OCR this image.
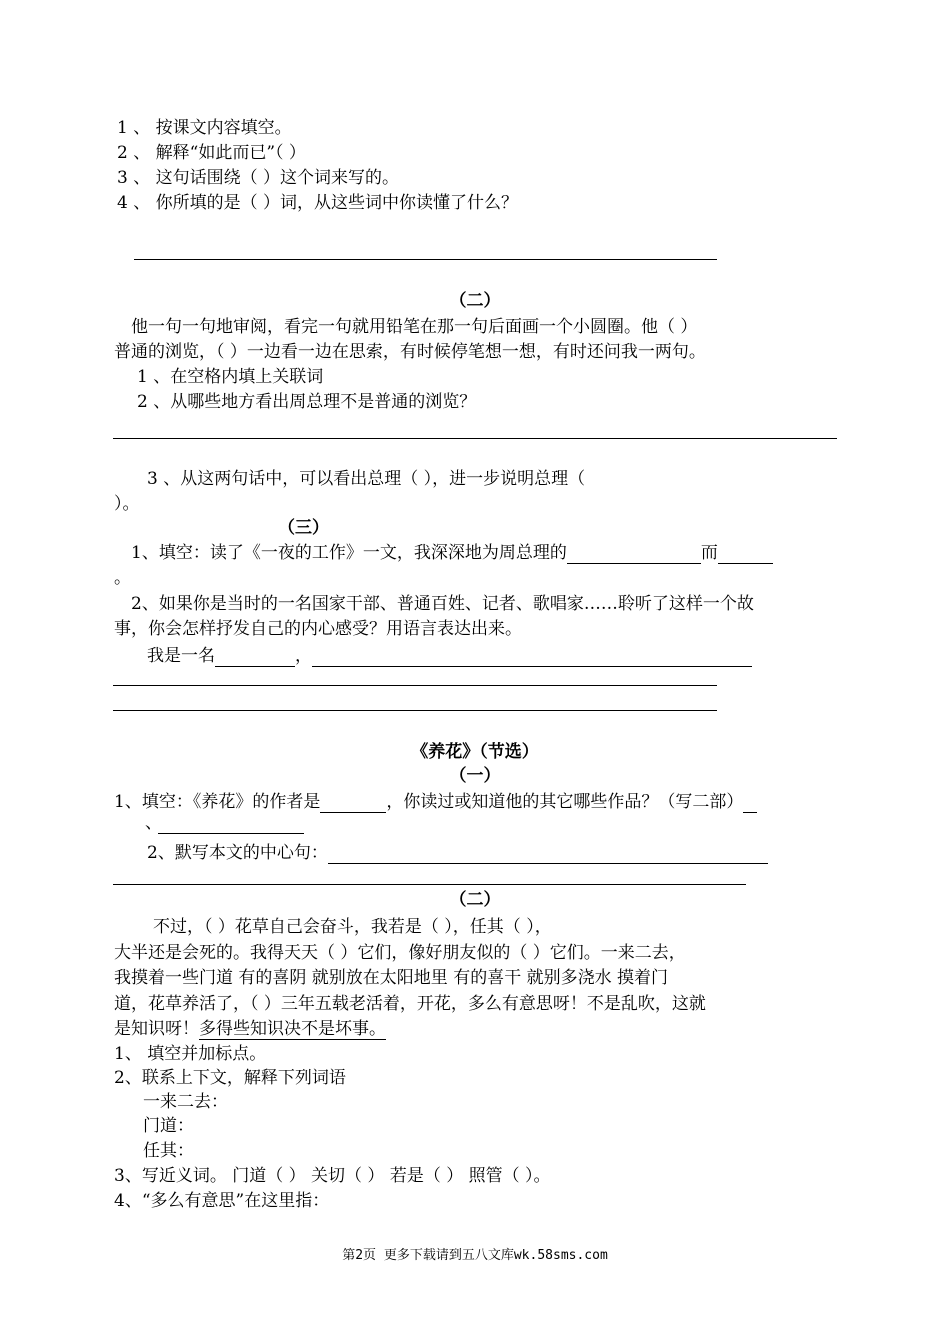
1 、 按课文内容填空。
2 、 解释“如此而已”（ ）
3 、 这句话围绕（ ）这个词来写的。
4 、 你所填的是（ ）词，从这些词中你读懂了什么？
（二）
他一句一句地审阅，看完一句就用铅笔在那一句后面画一个小圆圈。他（ ）
普通的浏览，（ ）一边看一边在思索，有时候停笔想一想，有时还问我一两句。
1 、在空格内填上关联词
2 、从哪些地方看出周总理不是普通的浏览？
3 、从这两句话中，可以看出总理（ ），进一步说明总理（
）。
（三）
1、填空：读了《一夜的工作》一文，我深深地为周总理的	而
。
2、如果你是当时的一名国家干部、普通百姓、记者、歌唱家……聆听了这样一个故
事，你会怎样抒发自己的内心感受？用语言表达出来。
我是一名	，
《养花》（节选）
（一）
1、填空：《养花》的作者是	，你读过或知道他的其它哪些作品？（写二部）
、
2、默写本文的中心句：
（二）
不过，（ ）花草自己会奋斗，我若是（ ），任其（ ），
大半还是会死的。我得天天（ ）它们，像好朋友似的（ ）它们。一来二去，
我摸着一些门道 有的喜阴 就别放在太阳地里 有的喜干 就别多浇水 摸着门
道，花草养活了，（ ）三年五载老活着，开花，多么有意思呀！不是乱吹，这就
是知识呀！多得些知识决不是坏事。
1、 填空并加标点。
2、联系上下文，解释下列词语
一来二去：
门道：
任其：
3、写近义词。 门道（ ） 关切（ ） 若是（ ） 照管（ ）。
4、“多么有意思”在这里指：
第2页 更多下载请到五八文库wk.58sms.com
